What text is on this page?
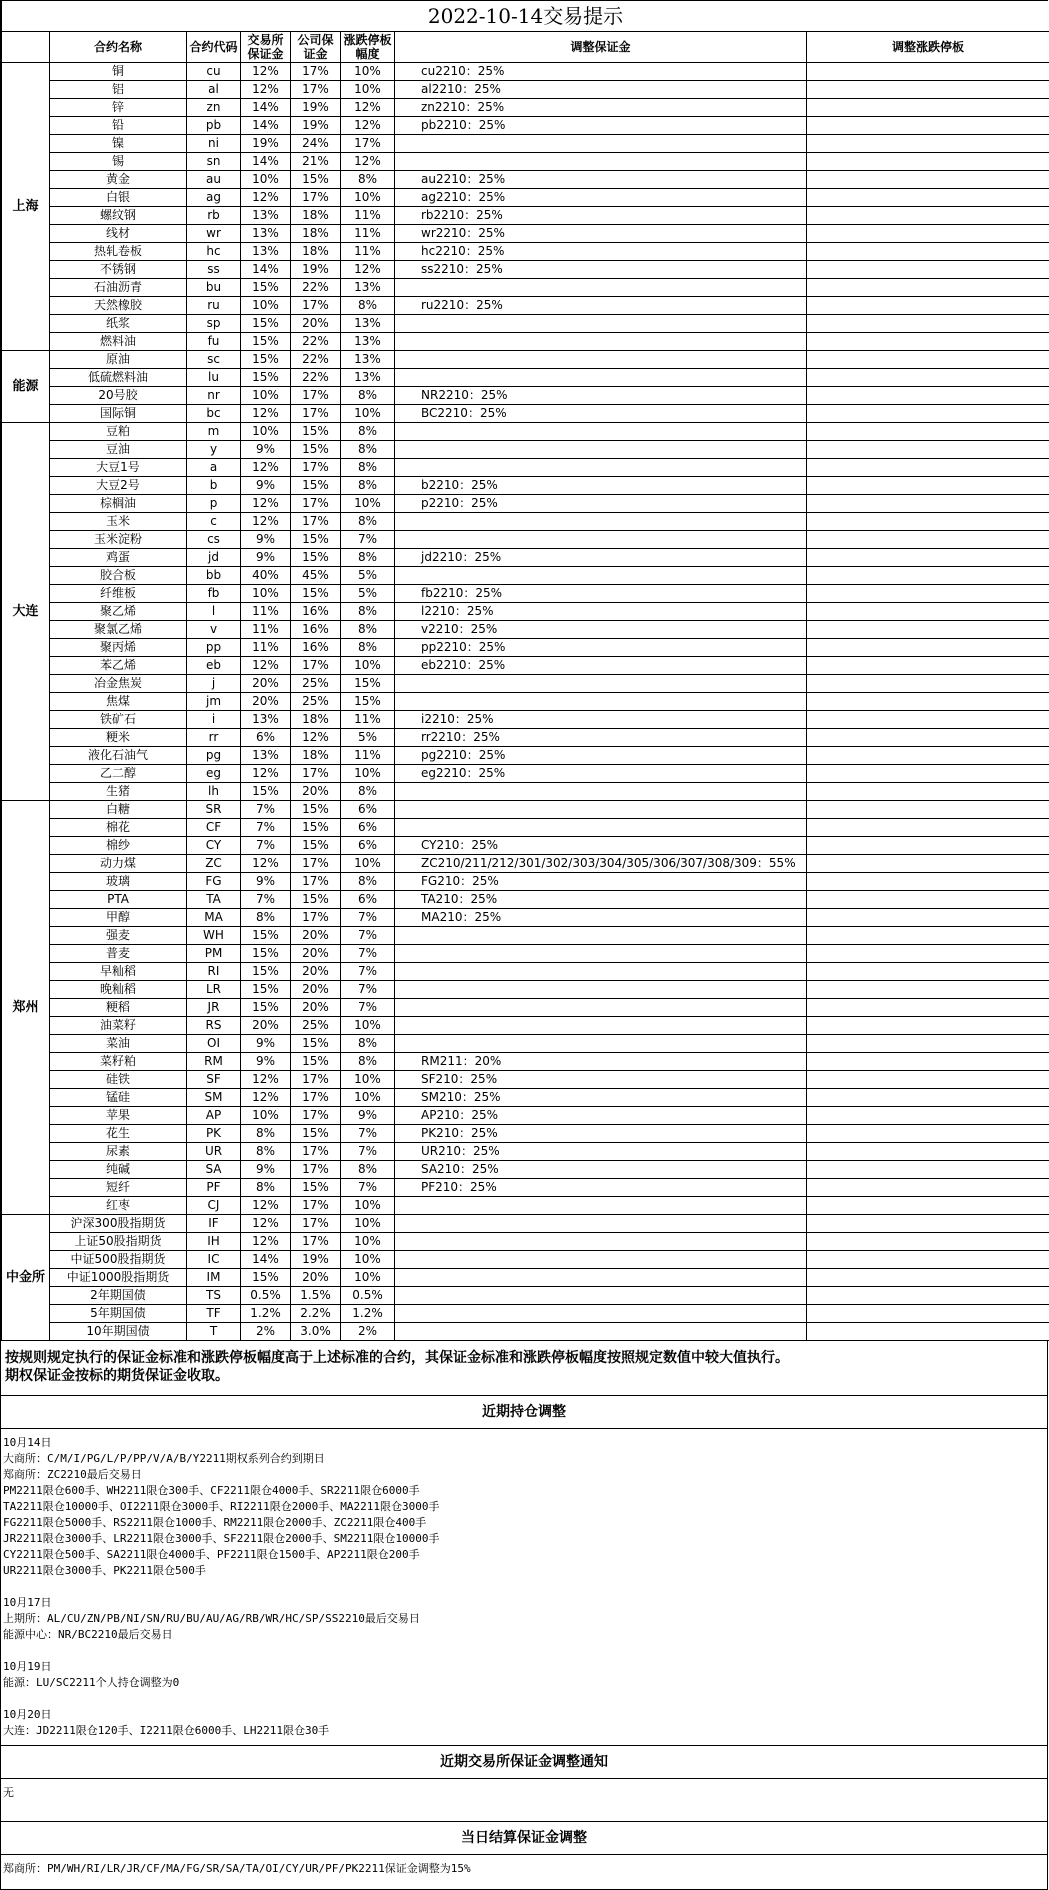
2022-10-14交易提示							
	合约名称	合约代码	交易所保证金	公司保证金	涨跌停板幅度	调整保证金	调整涨跌停板
上海	铜	cu	12%	17%	10%	cu2210：25%	
	铝	al	12%	17%	10%	al2210：25%	
	锌	zn	14%	19%	12%	zn2210：25%	
	铅	pb	14%	19%	12%	pb2210：25%	
	镍	ni	19%	24%	17%		
	锡	sn	14%	21%	12%		
	黄金	au	10%	15%	8%	au2210：25%	
	白银	ag	12%	17%	10%	ag2210：25%	
	螺纹钢	rb	13%	18%	11%	rb2210：25%	
	线材	wr	13%	18%	11%	wr2210：25%	
	热轧卷板	hc	13%	18%	11%	hc2210：25%	
	不锈钢	ss	14%	19%	12%	ss2210：25%	
	石油沥青	bu	15%	22%	13%		
	天然橡胶	ru	10%	17%	8%	ru2210：25%	
	纸浆	sp	15%	20%	13%		
	燃料油	fu	15%	22%	13%		
能源	原油	sc	15%	22%	13%		
	低硫燃料油	lu	15%	22%	13%		
	20号胶	nr	10%	17%	8%	NR2210：25%	
	国际铜	bc	12%	17%	10%	BC2210：25%	
大连	豆粕	m	10%	15%	8%		
	豆油	y	9%	15%	8%		
	大豆1号	a	12%	17%	8%		
	大豆2号	b	9%	15%	8%	b2210：25%	
	棕榈油	p	12%	17%	10%	p2210：25%	
	玉米	c	12%	17%	8%		
	玉米淀粉	cs	9%	15%	7%		
	鸡蛋	jd	9%	15%	8%	jd2210：25%	
	胶合板	bb	40%	45%	5%		
	纤维板	fb	10%	15%	5%	fb2210：25%	
	聚乙烯	l	11%	16%	8%	l2210：25%	
	聚氯乙烯	v	11%	16%	8%	v2210：25%	
	聚丙烯	pp	11%	16%	8%	pp2210：25%	
	苯乙烯	eb	12%	17%	10%	eb2210：25%	
	冶金焦炭	j	20%	25%	15%		
	焦煤	jm	20%	25%	15%		
	铁矿石	i	13%	18%	11%	i2210：25%	
	粳米	rr	6%	12%	5%	rr2210：25%	
	液化石油气	pg	13%	18%	11%	pg2210：25%	
	乙二醇	eg	12%	17%	10%	eg2210：25%	
	生猪	lh	15%	20%	8%		
郑州	白糖	SR	7%	15%	6%		
	棉花	CF	7%	15%	6%		
	棉纱	CY	7%	15%	6%	CY210：25%	
	动力煤	ZC	12%	17%	10%	ZC210/211/212/301/302/303/304/305/306/307/308/309：55%	
	玻璃	FG	9%	17%	8%	FG210：25%	
	PTA	TA	7%	15%	6%	TA210：25%	
	甲醇	MA	8%	17%	7%	MA210：25%	
	强麦	WH	15%	20%	7%		
	普麦	PM	15%	20%	7%		
	早籼稻	RI	15%	20%	7%		
	晚籼稻	LR	15%	20%	7%		
	粳稻	JR	15%	20%	7%		
	油菜籽	RS	20%	25%	10%		
	菜油	OI	9%	15%	8%		
	菜籽粕	RM	9%	15%	8%	RM211：20%	
	硅铁	SF	12%	17%	10%	SF210：25%	
	锰硅	SM	12%	17%	10%	SM210：25%	
	苹果	AP	10%	17%	9%	AP210：25%	
	花生	PK	8%	15%	7%	PK210：25%	
	尿素	UR	8%	17%	7%	UR210：25%	
	纯碱	SA	9%	17%	8%	SA210：25%	
	短纤	PF	8%	15%	7%	PF210：25%	
	红枣	CJ	12%	17%	10%		
中金所	沪深300股指期货	IF	12%	17%	10%		
	上证50股指期货	IH	12%	17%	10%		
	中证500股指期货	IC	14%	19%	10%		
	中证1000股指期货	IM	15%	20%	10%		
	2年期国债	TS	0.5%	1.5%	0.5%		
	5年期国债	TF	1.2%	2.2%	1.2%		
	10年期国债	T	2%	3.0%	2%		
按规则规定执行的保证金标准和涨跌停板幅度高于上述标准的合约，其保证金标准和涨跌停板幅度按照规定数值中较大值执行。
期权保证金按标的期货保证金收取。
近期持仓调整
10月14日
大商所：C/M/I/PG/L/P/PP/V/A/B/Y2211期权系列合约到期日
郑商所：ZC2210最后交易日
PM2211限仓600手、WH2211限仓300手、CF2211限仓4000手、SR2211限仓6000手
TA2211限仓10000手、OI2211限仓3000手、RI2211限仓2000手、MA2211限仓3000手
FG2211限仓5000手、RS2211限仓1000手、RM2211限仓2000手、ZC2211限仓400手
JR2211限仓3000手、LR2211限仓3000手、SF2211限仓2000手、SM2211限仓10000手
CY2211限仓500手、SA2211限仓4000手、PF2211限仓1500手、AP2211限仓200手
UR2211限仓3000手、PK2211限仓500手

10月17日
上期所：AL/CU/ZN/PB/NI/SN/RU/BU/AU/AG/RB/WR/HC/SP/SS2210最后交易日
能源中心：NR/BC2210最后交易日

10月19日
能源：LU/SC2211个人持仓调整为0

10月20日
大连：JD2211限仓120手、I2211限仓6000手、LH2211限仓30手
近期交易所保证金调整通知
无
当日结算保证金调整
郑商所：PM/WH/RI/LR/JR/CF/MA/FG/SR/SA/TA/OI/CY/UR/PF/PK2211保证金调整为15%
